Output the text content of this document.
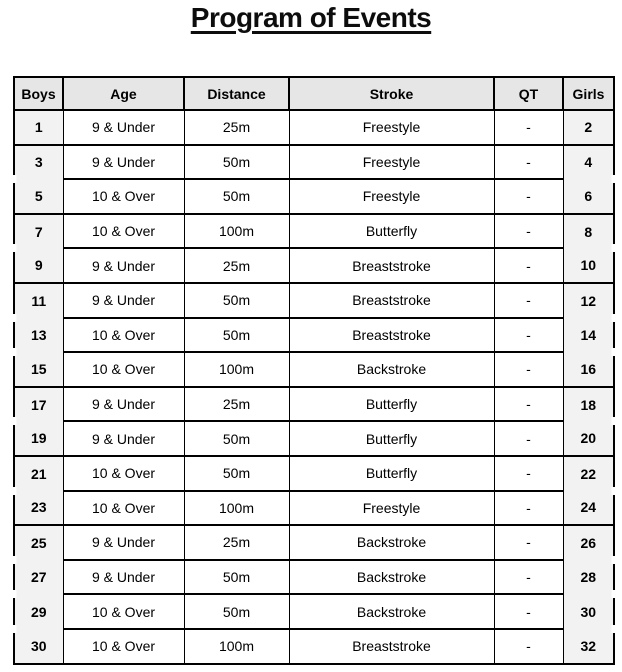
Program of Events
Boys	Age	Distance	Stroke	QT	Girls
1	9 & Under	25m	Freestyle	-	2
3	9 & Under	50m	Freestyle	-	4
5	10 & Over	50m	Freestyle	-	6
7	10 & Over	100m	Butterfly	-	8
9	9 & Under	25m	Breaststroke	-	10
11	9 & Under	50m	Breaststroke	-	12
13	10 & Over	50m	Breaststroke	-	14
15	10 & Over	100m	Backstroke	-	16
17	9 & Under	25m	Butterfly	-	18
19	9 & Under	50m	Butterfly	-	20
21	10 & Over	50m	Butterfly	-	22
23	10 & Over	100m	Freestyle	-	24
25	9 & Under	25m	Backstroke	-	26
27	9 & Under	50m	Backstroke	-	28
29	10 & Over	50m	Backstroke	-	30
30	10 & Over	100m	Breaststroke	-	32
